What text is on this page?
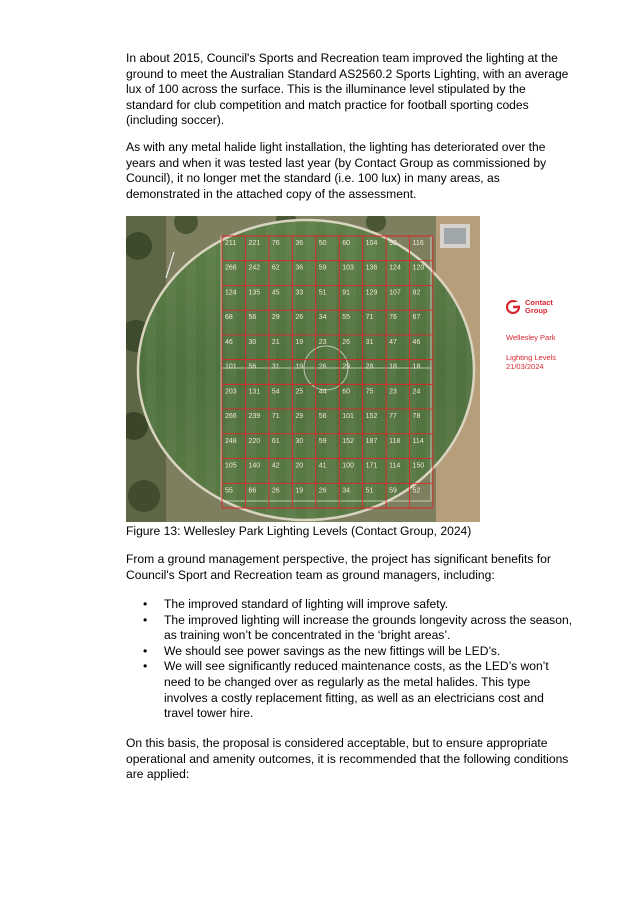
In about 2015, Council's Sports and Recreation team improved the lighting at the ground to meet the Australian Standard AS2560.2 Sports Lighting, with an average lux of 100 across the surface. This is the illuminance level stipulated by the standard for club competition and match practice for football sporting codes (including soccer).

As with any metal halide light installation, the lighting has deteriorated over the years and when it was tested last year (by Contact Group as commissioned by Council), it no longer met the standard (i.e. 100 lux) in many areas, as demonstrated in the attached copy of the assessment.

211 221 76 36 50 60 104 92 116
266 242 62 36 59 103 136 124 120
124 135 45 33 51 91 129 107 92
68 56 29 26 34 55 71 76 67
46 30 21 19 23 26 31 47 46
101 56 31 19 26 29 28 18 18
203 131 54 25 44 60 75 23 24
266 239 71 29 56 101 152 77 78
248 220 61 30 59 152 187 118 114
105 140 42 20 41 100 171 114 150
55 66 26 19 26 34 51 59 52
Contact
Group
Wellesley Park
Lighting Levels
21/03/2024

Figure 13: Wellesley Park Lighting Levels (Contact Group, 2024)

From a ground management perspective, the project has significant benefits for Council's Sport and Recreation team as ground managers, including:

• The improved standard of lighting will improve safety.
• The improved lighting will increase the grounds longevity across the season, as training won’t be concentrated in the ‘bright areas’.
• We should see power savings as the new fittings will be LED’s.
• We will see significantly reduced maintenance costs, as the LED’s won’t need to be changed over as regularly as the metal halides. This type involves a costly replacement fitting, as well as an electricians cost and travel tower hire.

On this basis, the proposal is considered acceptable, but to ensure appropriate operational and amenity outcomes, it is recommended that the following conditions are applied:
